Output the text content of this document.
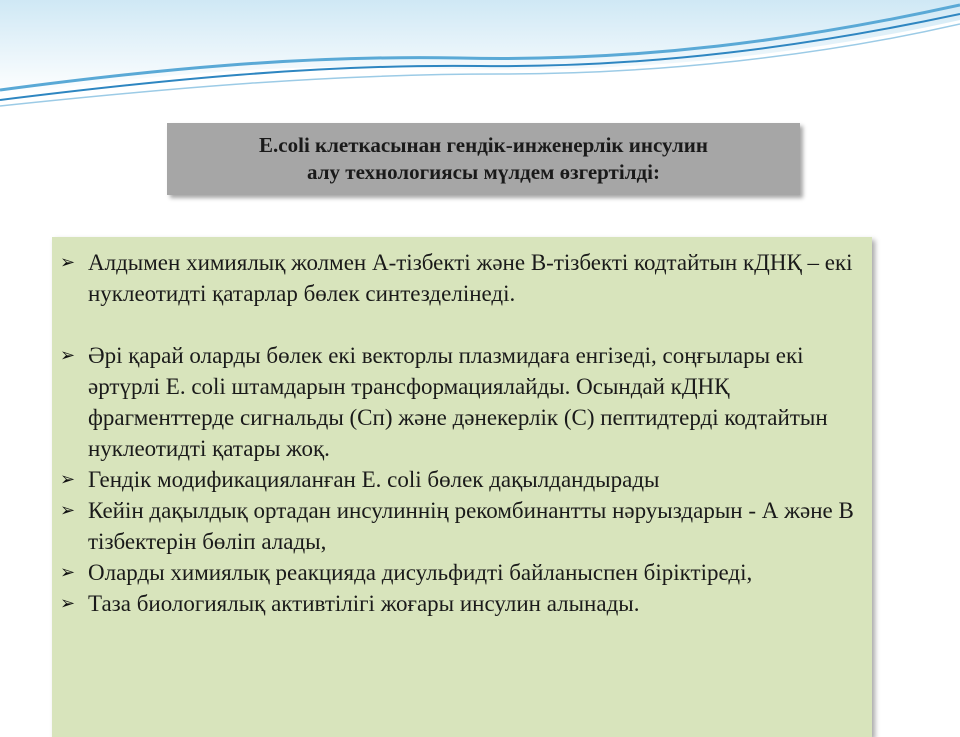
E.coli клеткасынан гендік-инженерлік инсулин
алу технологиясы мүлдем өзгертілді:
➢ Алдымен химиялық жолмен А-тізбекті және В-тізбекті кодтайтын кДНҚ – екі нуклеотидті қатарлар бөлек синтезделінеді.
➢ Әрі қарай оларды бөлек екі векторлы плазмидаға енгізеді, соңғылары екі әртүрлі E. coli штамдарын трансформациялайды. Осындай кДНҚ фрагменттерде сигнальды (Сп) және дәнекерлік (С) пептидтерді кодтайтын нуклеотидті қатары жоқ.
➢ Гендік модификацияланған E. coli бөлек дақылдандырады
➢ Кейін дақылдық ортадан инсулиннің рекомбинантты нәруыздарын - А және В тізбектерін бөліп алады,
➢ Оларды химиялық реакцияда дисульфидті байланыспен біріктіреді,
➢ Таза биологиялық активтілігі жоғары инсулин алынады.
